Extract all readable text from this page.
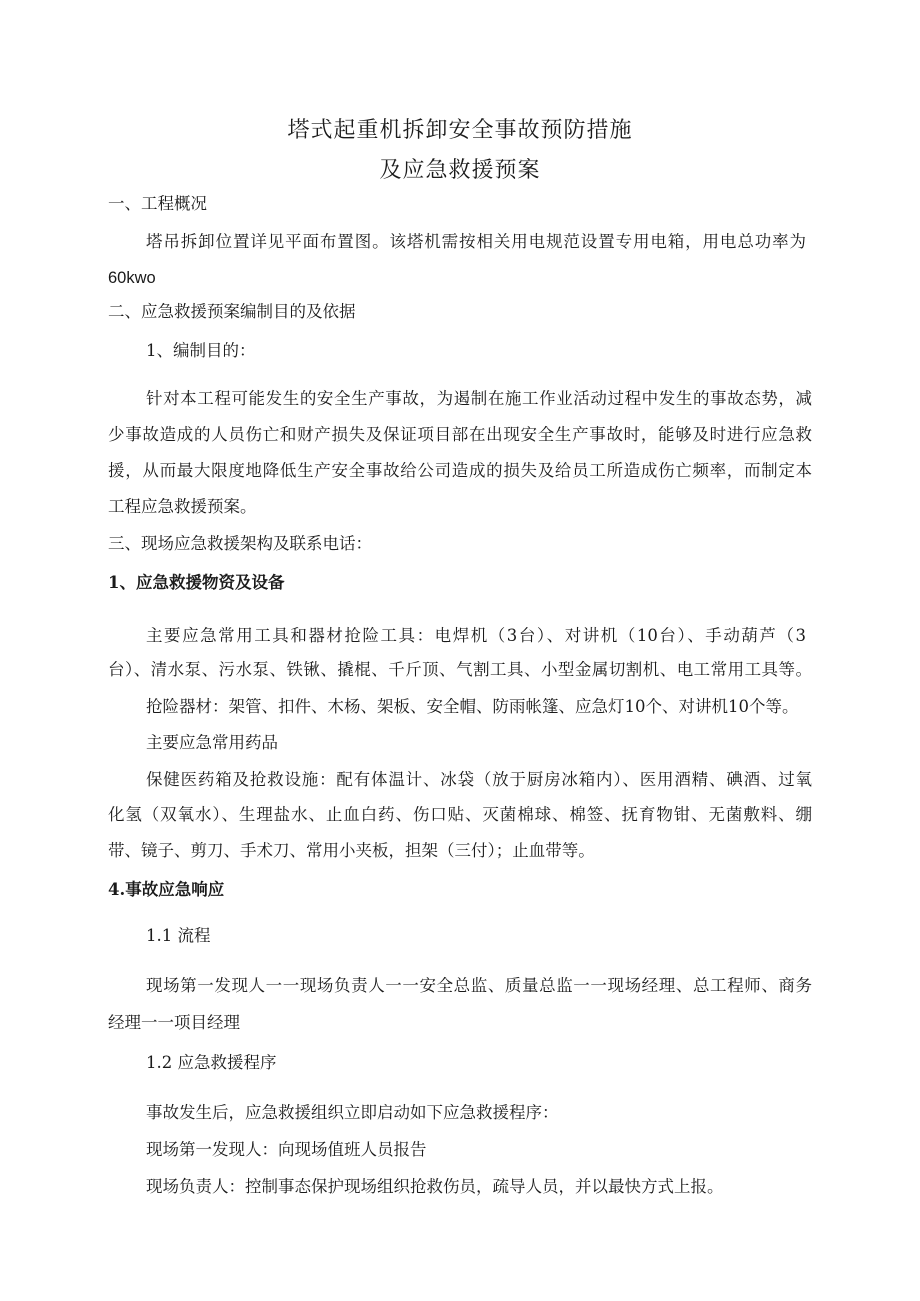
塔式起重机拆卸安全事故预防措施
及应急救援预案
一、工程概况
塔吊拆卸位置详见平面布置图。该塔机需按相关用电规范设置专用电箱，用电总功率为
60kwo
二、应急救援预案编制目的及依据
1、编制目的：
针对本工程可能发生的安全生产事故，为遏制在施工作业活动过程中发生的事故态势，减
少事故造成的人员伤亡和财产损失及保证项目部在出现安全生产事故时，能够及时进行应急救
援，从而最大限度地降低生产安全事故给公司造成的损失及给员工所造成伤亡频率，而制定本
工程应急救援预案。
三、现场应急救援架构及联系电话：
1、应急救援物资及设备
主要应急常用工具和器材抢险工具：电焊机（3台）、对讲机（10台）、手动葫芦（3
台）、清水泵、污水泵、铁锹、撬棍、千斤顶、气割工具、小型金属切割机、电工常用工具等。
抢险器材：架管、扣件、木杨、架板、安全帽、防雨帐篷、应急灯10个、对讲机10个等。
主要应急常用药品
保健医药箱及抢救设施：配有体温计、冰袋（放于厨房冰箱内）、医用酒精、碘酒、过氧
化氢（双氧水）、生理盐水、止血白药、伤口贴、灭菌棉球、棉签、抚育物钳、无菌敷料、绷
带、镜子、剪刀、手术刀、常用小夹板，担架（三付）；止血带等。
4.事故应急响应
1.1 流程
现场第一发现人一一现场负责人一一安全总监、质量总监一一现场经理、总工程师、商务
经理一一项目经理
1.2 应急救援程序
事故发生后，应急救援组织立即启动如下应急救援程序：
现场第一发现人：向现场值班人员报告
现场负责人：控制事态保护现场组织抢救伤员，疏导人员，并以最快方式上报。
